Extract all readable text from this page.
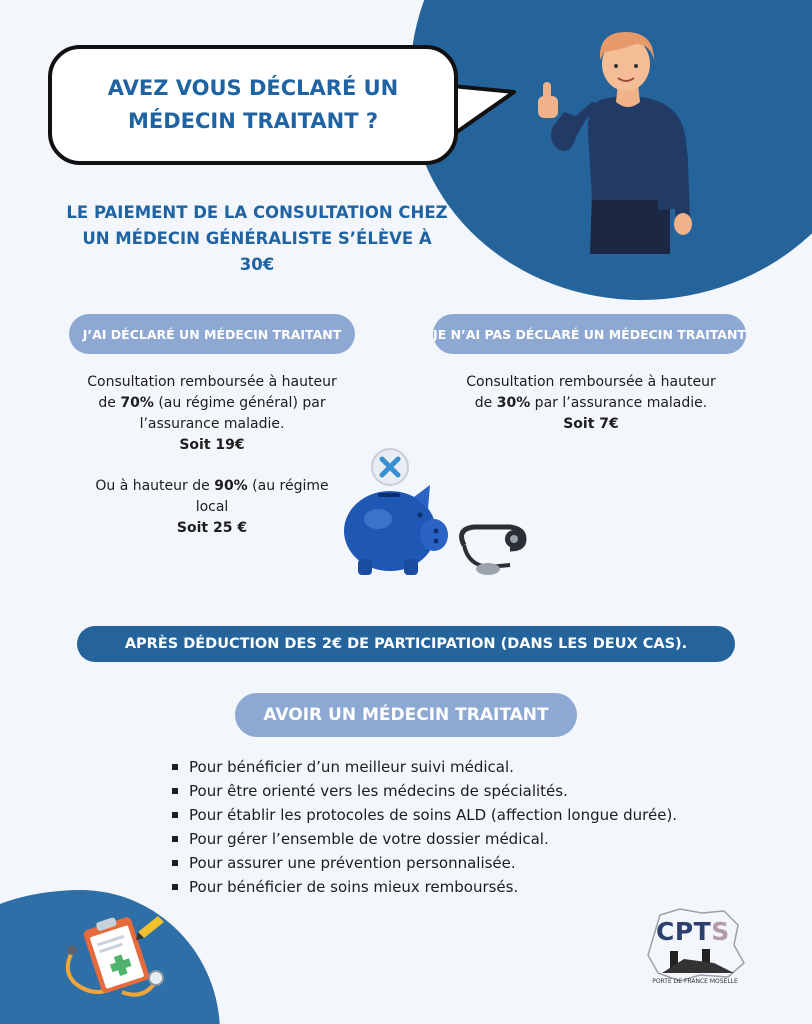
AVEZ VOUS DÉCLARÉ UN
MÉDECIN TRAITANT ?
LE PAIEMENT DE LA CONSULTATION CHEZ
UN MÉDECIN GÉNÉRALISTE S’ÉLÈVE À
30€
J’AI DÉCLARÉ UN MÉDECIN TRAITANT	JE N’AI PAS DÉCLARÉ UN MÉDECIN TRAITANT
Consultation remboursée à hauteur
de 70% (au régime général) par
l’assurance maladie.
Soit 19€
Ou à hauteur de 90% (au régime
local
Soit 25 €
Consultation remboursée à hauteur
de 30% par l’assurance maladie.
Soit 7€
APRÈS DÉDUCTION DES 2€ DE PARTICIPATION (DANS LES DEUX CAS).
AVOIR UN MÉDECIN TRAITANT
Pour bénéficier d’un meilleur suivi médical.
Pour être orienté vers les médecins de spécialités.
Pour établir les protocoles de soins ALD (affection longue durée).
Pour gérer l’ensemble de votre dossier médical.
Pour assurer une prévention personnalisée.
Pour bénéficier de soins mieux remboursés.
CPTS
PORTE DE FRANCE MOSELLE
